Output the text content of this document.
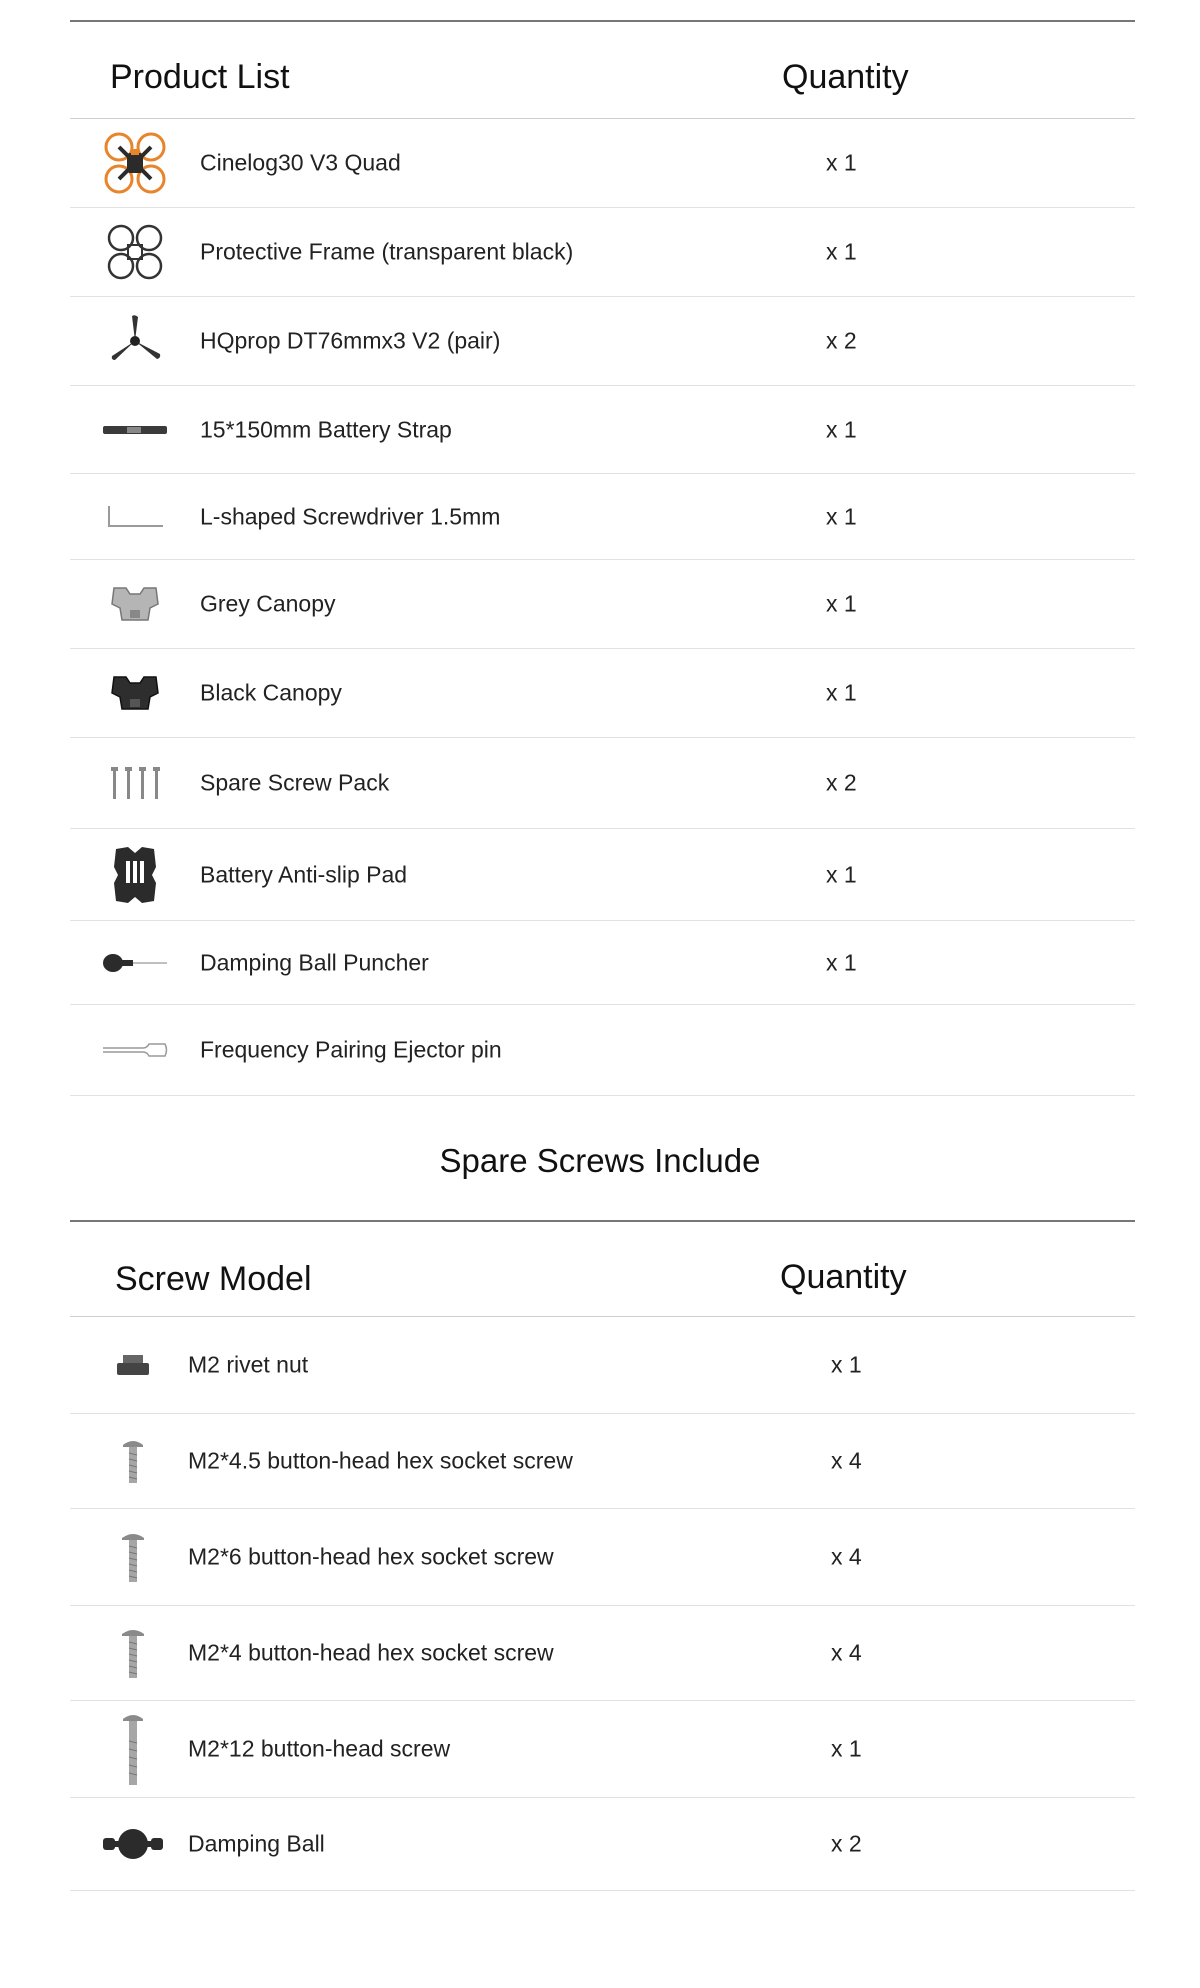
Product List	Quantity
Cinelog30 V3 Quad	x 1
Protective Frame (transparent black)	x 1
HQprop DT76mmx3 V2 (pair)	x 2
15*150mm Battery Strap	x 1
L-shaped Screwdriver 1.5mm	x 1
Grey Canopy	x 1
Black Canopy	x 1
Spare Screw Pack	x 2
Battery Anti-slip Pad	x 1
Damping Ball Puncher	x 1
Frequency Pairing Ejector pin
Spare Screws Include
Screw Model	Quantity
M2 rivet nut	x 1
M2*4.5 button-head hex socket screw	x 4
M2*6 button-head hex socket screw	x 4
M2*4 button-head hex socket screw	x 4
M2*12 button-head screw	x 1
Damping Ball	x 2
